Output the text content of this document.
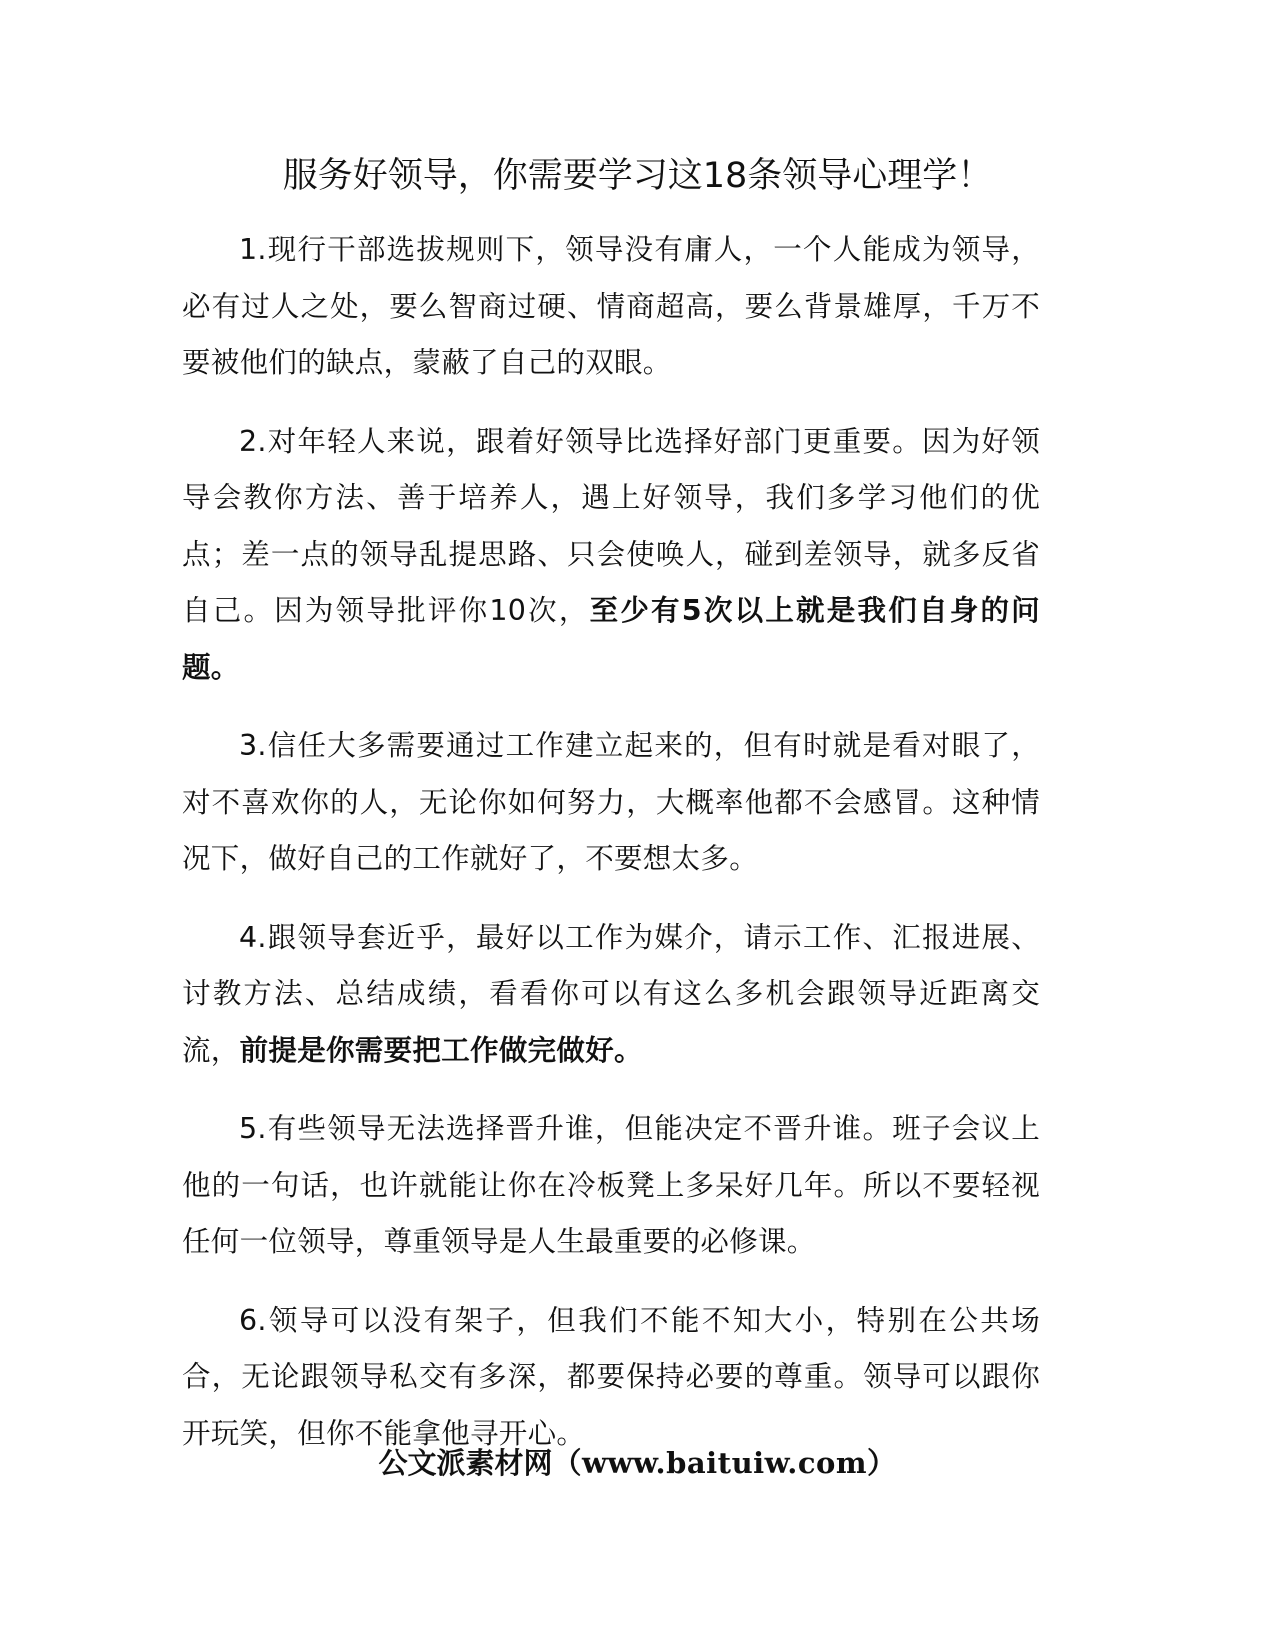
服务好领导，你需要学习这18条领导心理学！

1.现行干部选拔规则下，领导没有庸人，一个人能成为领导，必有过人之处，要么智商过硬、情商超高，要么背景雄厚，千万不要被他们的缺点，蒙蔽了自己的双眼。

2.对年轻人来说，跟着好领导比选择好部门更重要。因为好领导会教你方法、善于培养人，遇上好领导，我们多学习他们的优点；差一点的领导乱提思路、只会使唤人，碰到差领导，就多反省自己。因为领导批评你10次，至少有5次以上就是我们自身的问题。

3.信任大多需要通过工作建立起来的，但有时就是看对眼了，对不喜欢你的人，无论你如何努力，大概率他都不会感冒。这种情况下，做好自己的工作就好了，不要想太多。

4.跟领导套近乎，最好以工作为媒介，请示工作、汇报进展、讨教方法、总结成绩，看看你可以有这么多机会跟领导近距离交流，前提是你需要把工作做完做好。

5.有些领导无法选择晋升谁，但能决定不晋升谁。班子会议上他的一句话，也许就能让你在冷板凳上多呆好几年。所以不要轻视任何一位领导，尊重领导是人生最重要的必修课。

6.领导可以没有架子，但我们不能不知大小，特别在公共场合，无论跟领导私交有多深，都要保持必要的尊重。领导可以跟你开玩笑，但你不能拿他寻开心。

公文派素材网（www.baituiw.com）
